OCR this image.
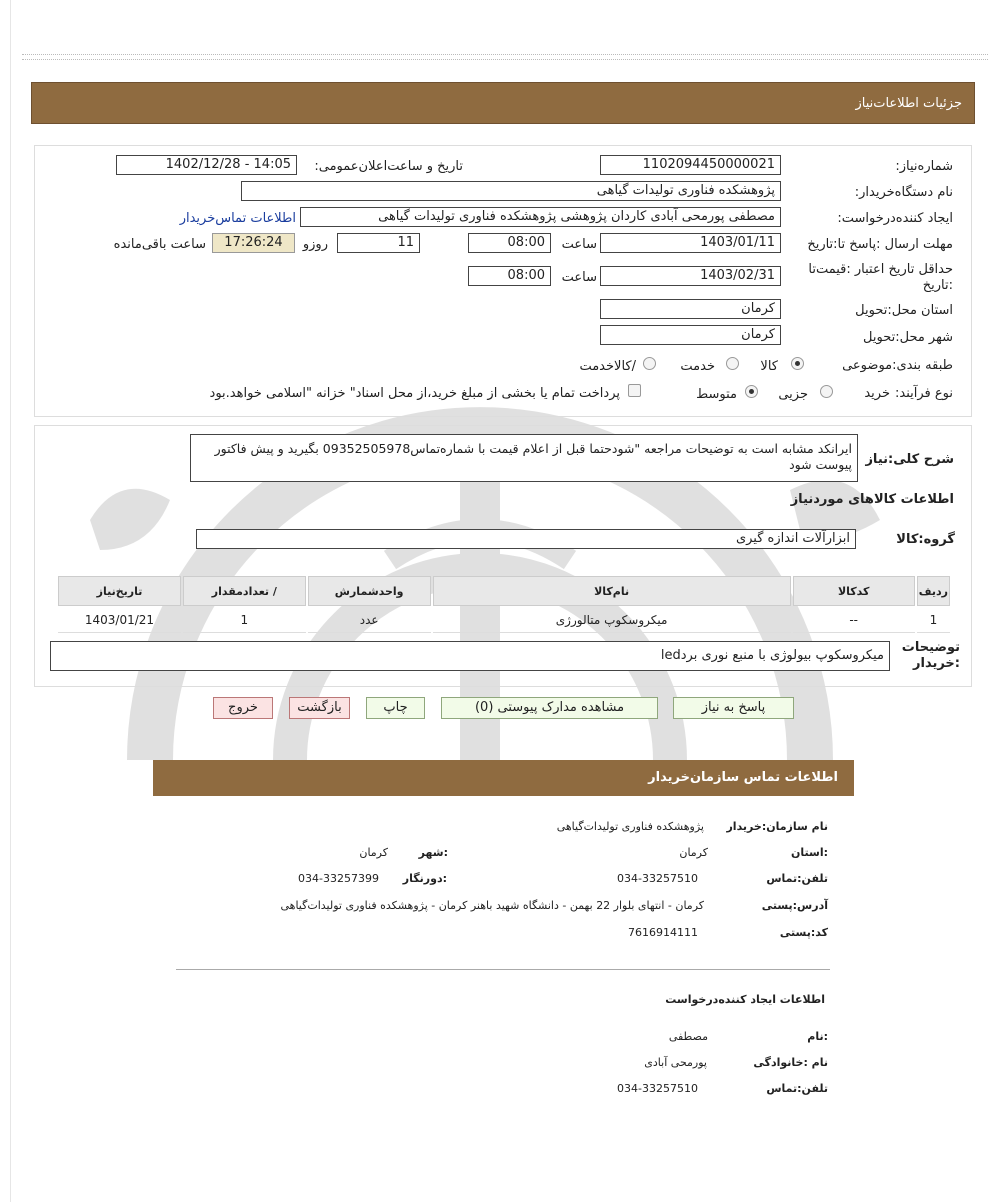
جزئیات اطلاعات‌نیاز
شماره‌نیاز:
1102094450000021
تاریخ و ساعت‌اعلان‌عمومی:
1402/12/28 - 14:05
نام دستگاه‌خریدار:
پژوهشکده فناوری تولیدات گیاهی
ایجاد کننده‌درخواست:
مصطفی پورمحی آبادی کاردان پژوهشی پژوهشکده فناوری تولیدات گیاهی
اطلاعات تماس‌خریدار
مهلت ارسال :پاسخ تا:تاریخ
1403/01/11
ساعت
08:00
11
روزو
17:26:24
ساعت باقی‌مانده
حداقل تاریخ اعتبار :قیمت‌تا :تاریخ
1403/02/31
ساعت
08:00
استان محل:تحویل
کرمان
شهر محل:تحویل
کرمان
طبقه بندی:موضوعی
کالا
خدمت
/کالاخدمت
نوع فرآیند:
خرید
جزیی
متوسط
پرداخت تمام یا بخشی از مبلغ خرید،از محل اسناد" خزانه "اسلامی خواهد.بود
شرح کلی:نیاز
ایرانکد مشابه است به توضیحات مراجعه "شودحتما قبل از اعلام قیمت با شماره‌تماس09352505978 بگیرید و پیش فاکتور پیوست شود
اطلاعات کالاهای موردنیاز
گروه:کالا
ابزارآلات اندازه گیری
ردیف	کدکالا	نام‌کالا	واحدشمارش	/ تعدادمقدار	تاریخ‌نیاز
1	--	میکروسکوپ متالورژی	عدد	1	1403/01/21
توضیحات :خریدار
میکروسکوپ بیولوژی با منبع نوری برد‌led
پاسخ به نیاز
مشاهده مدارک پیوستی (0)
چاپ
بازگشت
خروج
اطلاعات تماس سازمان‌خریدار
نام سازمان:خریدار
پژوهشکده فناوری تولیدات‌گیاهی
:استان
کرمان
:شهر
کرمان
تلفن:تماس
034-33257510
:دورنگار
034-33257399
آدرس:پستی
کرمان - انتهای بلوار 22 بهمن - دانشگاه شهید باهنر کرمان - پژوهشکده فناوری تولیدات‌گیاهی
کد:پستی
7616914111
اطلاعات ایجاد کننده‌درخواست
:نام
مصطفی
نام :خانوادگی
پورمحی آبادی
تلفن:تماس
034-33257510
